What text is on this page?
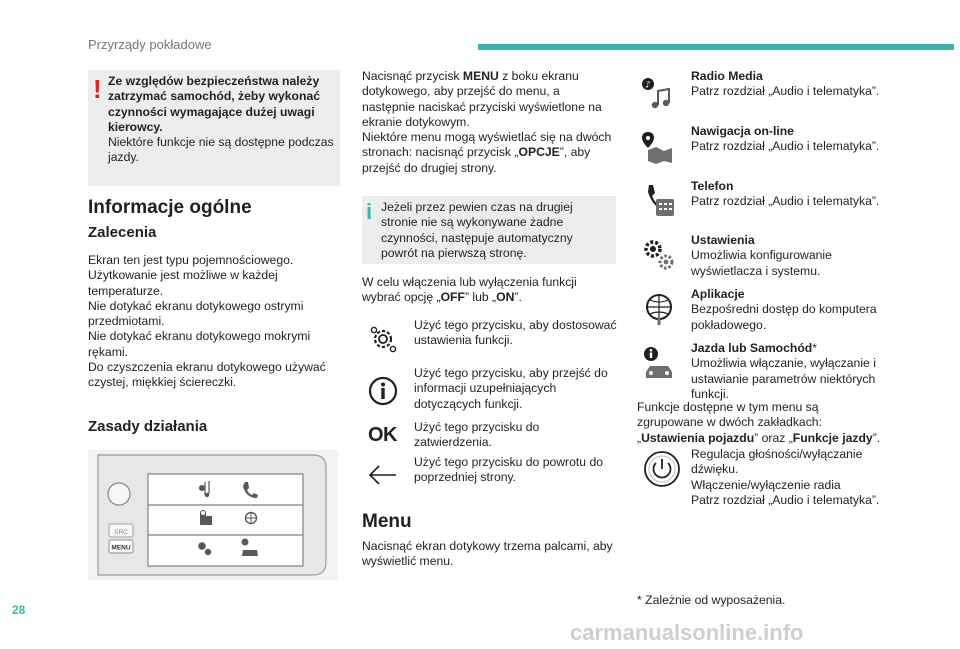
Przyrządy pokładowe
! Ze względów bezpieczeństwa należy zatrzymać samochód, żeby wykonać czynności wymagające dużej uwagi kierowcy.
Niektóre funkcje nie są dostępne podczas jazdy.
Informacje ogólne
Zalecenia
Ekran ten jest typu pojemnościowego.
Użytkowanie jest możliwe w każdej temperaturze.
Nie dotykać ekranu dotykowego ostrymi przedmiotami.
Nie dotykać ekranu dotykowego mokrymi rękami.
Do czyszczenia ekranu dotykowego używać czystej, miękkiej ściereczki.
Zasady działania
SRC
MENU
Nacisnąć przycisk MENU z boku ekranu dotykowego, aby przejść do menu, a następnie naciskać przyciski wyświetlone na ekranie dotykowym.
Niektóre menu mogą wyświetlać się na dwóch stronach: nacisnąć przycisk „OPCJE”, aby przejść do drugiej strony.
i Jeżeli przez pewien czas na drugiej stronie nie są wykonywane żadne czynności, następuje automatyczny powrót na pierwszą stronę.
W celu włączenia lub wyłączenia funkcji wybrać opcję „OFF” lub „ON”.
Użyć tego przycisku, aby dostosować ustawienia funkcji.
Użyć tego przycisku, aby przejść do informacji uzupełniających dotyczących funkcji.
OK Użyć tego przycisku do zatwierdzenia.
Użyć tego przycisku do powrotu do poprzedniej strony.
Menu
Nacisnąć ekran dotykowy trzema palcami, aby wyświetlić menu.
♪
Radio Media
Patrz rozdział „Audio i telematyka”.
Nawigacja on-line
Patrz rozdział „Audio i telematyka”.
Telefon
Patrz rozdział „Audio i telematyka”.
Ustawienia
Umożliwia konfigurowanie wyświetlacza i systemu.
Aplikacje
Bezpośredni dostęp do komputera pokładowego.
Jazda lub Samochód*
Umożliwia włączanie, wyłączanie i ustawianie parametrów niektórych funkcji.
Funkcje dostępne w tym menu są zgrupowane w dwóch zakładkach: „Ustawienia pojazdu” oraz „Funkcje jazdy”.
Regulacja głośności/wyłączanie dźwięku.
Włączenie/wyłączenie radia
Patrz rozdział „Audio i telematyka”.
* Zależnie od wyposażenia.
28
carmanualsonline.info
